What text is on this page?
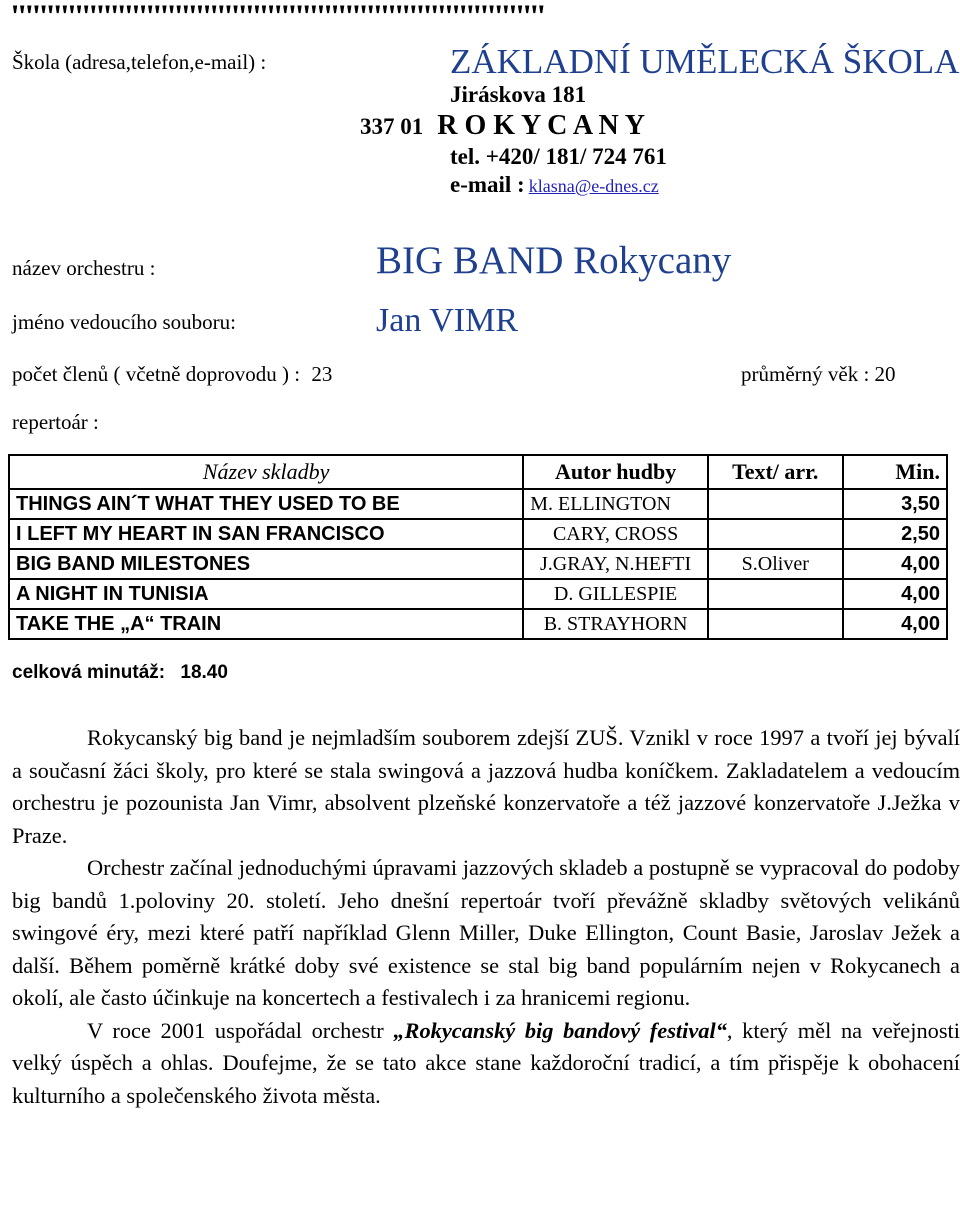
ꞌꞌꞌꞌꞌꞌꞌꞌꞌꞌꞌꞌꞌꞌꞌꞌꞌꞌꞌꞌꞌꞌꞌꞌꞌꞌꞌꞌꞌꞌꞌꞌꞌꞌꞌꞌꞌꞌꞌꞌꞌꞌꞌꞌꞌꞌꞌꞌꞌꞌꞌꞌꞌꞌꞌꞌꞌꞌꞌꞌꞌꞌꞌꞌꞌꞌꞌꞌꞌꞌꞌꞌꞌꞌꞌ
Škola (adresa,telefon,e-mail) :	ZÁKLADNÍ UMĚLECKÁ ŠKOLA
Jiráskova 181
337 01 R O K Y C A N Y
tel. +420/ 181/ 724 761
e-mail : klasna@e-dnes.cz
název orchestru :	BIG BAND Rokycany
jméno vedoucího souboru:	Jan VIMR
počet členů ( včetně doprovodu ) : 23	průměrný věk : 20
repertoár :
Název skladby	Autor hudby	Text/ arr.	Min.
THINGS AIN´T WHAT THEY USED TO BE	M. ELLINGTON		3,50
I LEFT MY HEART IN SAN FRANCISCO	CARY, CROSS		2,50
BIG BAND MILESTONES	J.GRAY, N.HEFTI	S.Oliver	4,00
A NIGHT IN TUNISIA	D. GILLESPIE		4,00
TAKE THE „A“ TRAIN	B. STRAYHORN		4,00
celková minutáž: 18.40

Rokycanský big band je nejmladším souborem zdejší ZUŠ. Vznikl v roce 1997 a tvoří jej bývalí a současní žáci školy, pro které se stala swingová a jazzová hudba koníčkem. Zakladatelem a vedoucím orchestru je pozounista Jan Vimr, absolvent plzeňské konzervatoře a též jazzové konzervatoře J.Ježka v Praze.

Orchestr začínal jednoduchými úpravami jazzových skladeb a postupně se vypracoval do podoby big bandů 1.poloviny 20. století. Jeho dnešní repertoár tvoří převážně skladby světových velikánů swingové éry, mezi které patří například Glenn Miller, Duke Ellington, Count Basie, Jaroslav Ježek a další. Během poměrně krátké doby své existence se stal big band populárním nejen v Rokycanech a okolí, ale často účinkuje na koncertech a festivalech i za hranicemi regionu.

V roce 2001 uspořádal orchestr „Rokycanský big bandový festival“, který měl na veřejnosti velký úspěch a ohlas. Doufejme, že se tato akce stane každoroční tradicí, a tím přispěje k obohacení kulturního a společenského života města.
